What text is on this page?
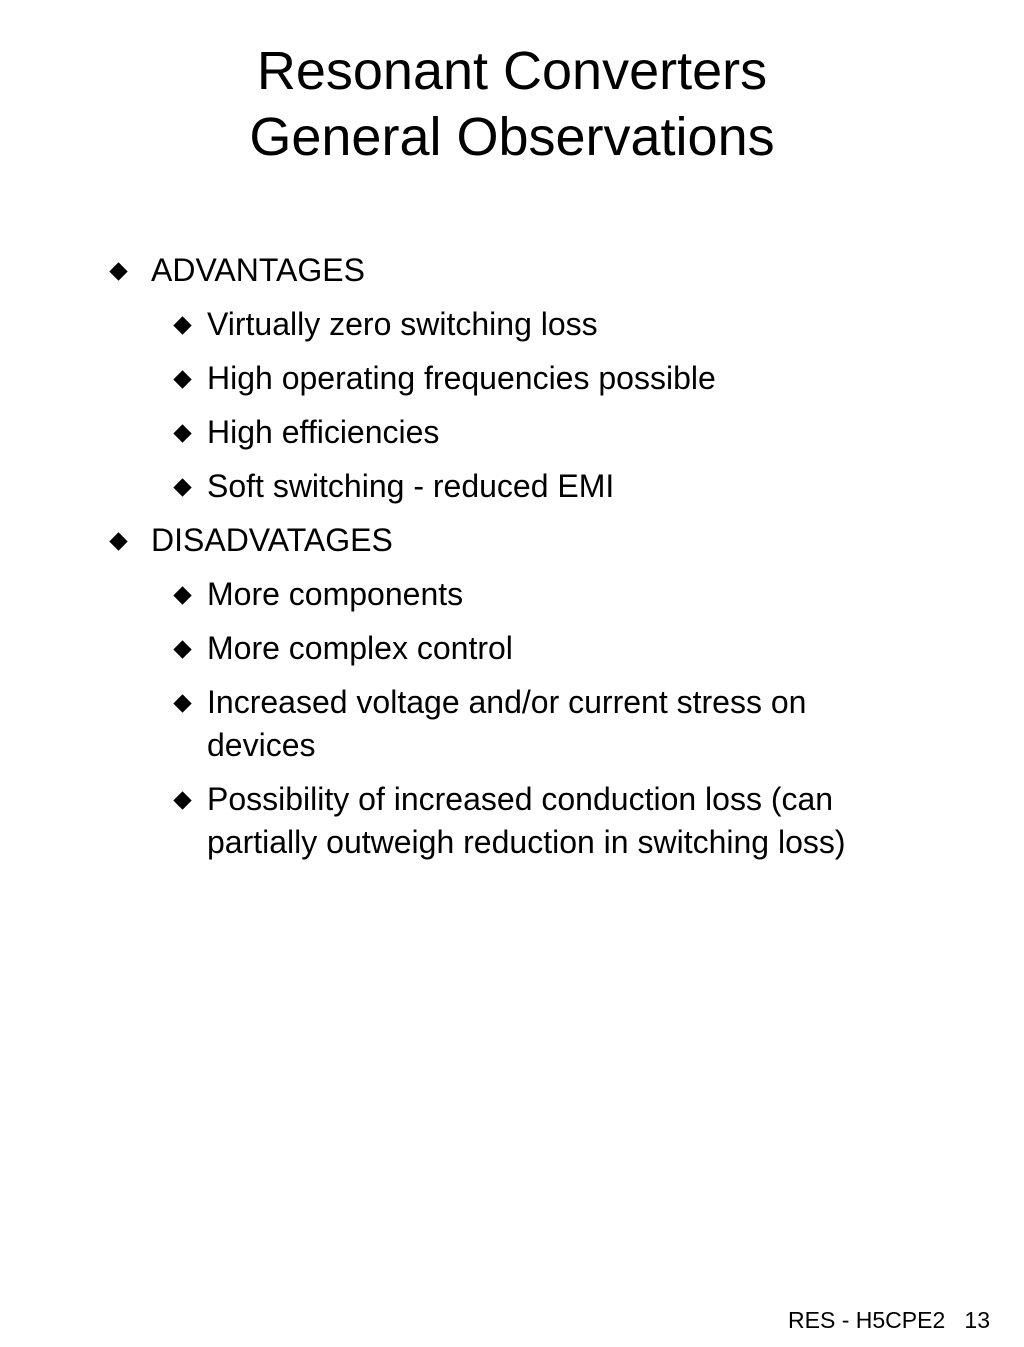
Resonant Converters
General Observations
ADVANTAGES
Virtually zero switching loss
High operating frequencies possible
High efficiencies
Soft switching - reduced EMI
DISADVATAGES
More components
More complex control
Increased voltage and/or current stress on devices
Possibility of increased conduction loss (can partially outweigh reduction in switching loss)
RES - H5CPE2 13
